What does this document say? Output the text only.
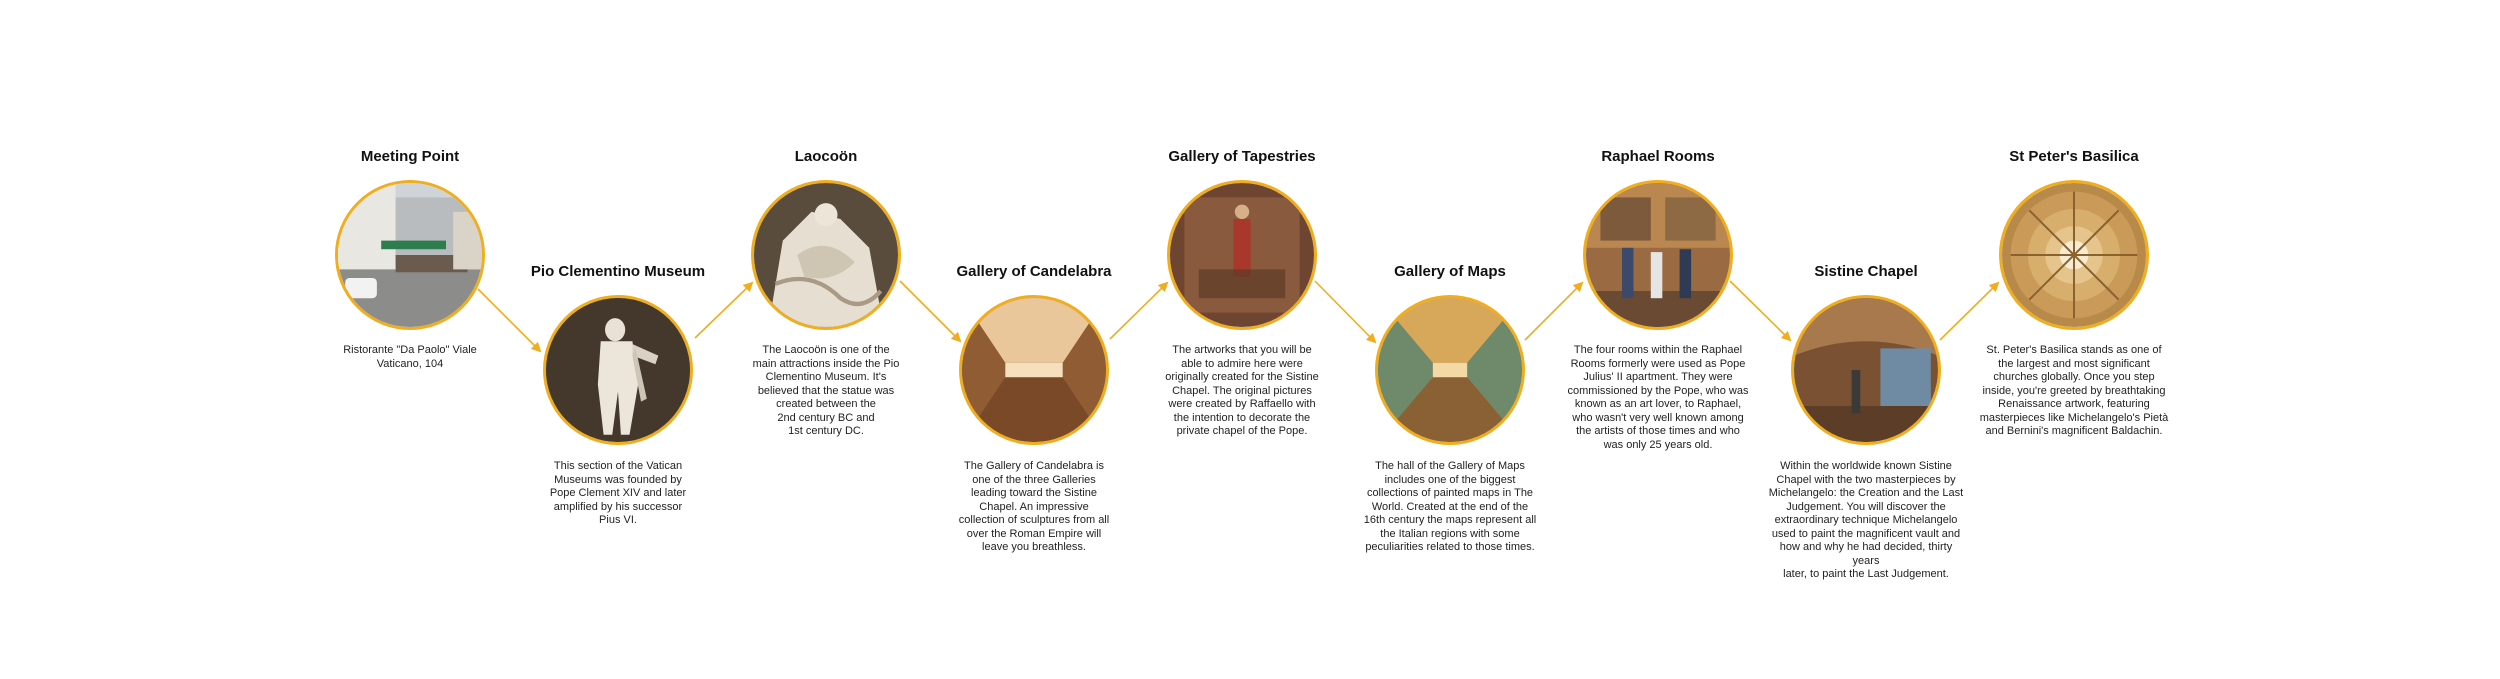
Meeting Point

Ristorante "Da Paolo" Viale
Vaticano, 104

Pio Clementino Museum

This section of the Vatican
Museums was founded by
Pope Clement XIV and later
amplified by his successor
Pius VI.

Laocoön

The Laocoön is one of the
main attractions inside the Pio
Clementino Museum. It's
believed that the statue was
created between the
2nd century BC and
1st century DC.

Gallery of Candelabra

The Gallery of Candelabra is
one of the three Galleries
leading toward the Sistine
Chapel. An impressive
collection of sculptures from all
over the Roman Empire will
leave you breathless.

Gallery of Tapestries

The artworks that you will be
able to admire here were
originally created for the Sistine
Chapel. The original pictures
were created by Raffaello with
the intention to decorate the
private chapel of the Pope.

Gallery of Maps

The hall of the Gallery of Maps
includes one of the biggest
collections of painted maps in The
World. Created at the end of the
16th century the maps represent all
the Italian regions with some
peculiarities related to those times.

Raphael Rooms

The four rooms within the Raphael
Rooms formerly were used as Pope
Julius' II apartment. They were
commissioned by the Pope, who was
known as an art lover, to Raphael,
who wasn't very well known among
the artists of those times and who
was only 25 years old.

Sistine Chapel

Within the worldwide known Sistine
Chapel with the two masterpieces by
Michelangelo: the Creation and the Last
Judgement. You will discover the
extraordinary technique Michelangelo
used to paint the magnificent vault and
how and why he had decided, thirty years
later, to paint the Last Judgement.

St Peter's Basilica

St. Peter's Basilica stands as one of
the largest and most significant
churches globally. Once you step
inside, you're greeted by breathtaking
Renaissance artwork, featuring
masterpieces like Michelangelo's Pietà
and Bernini's magnificent Baldachin.
